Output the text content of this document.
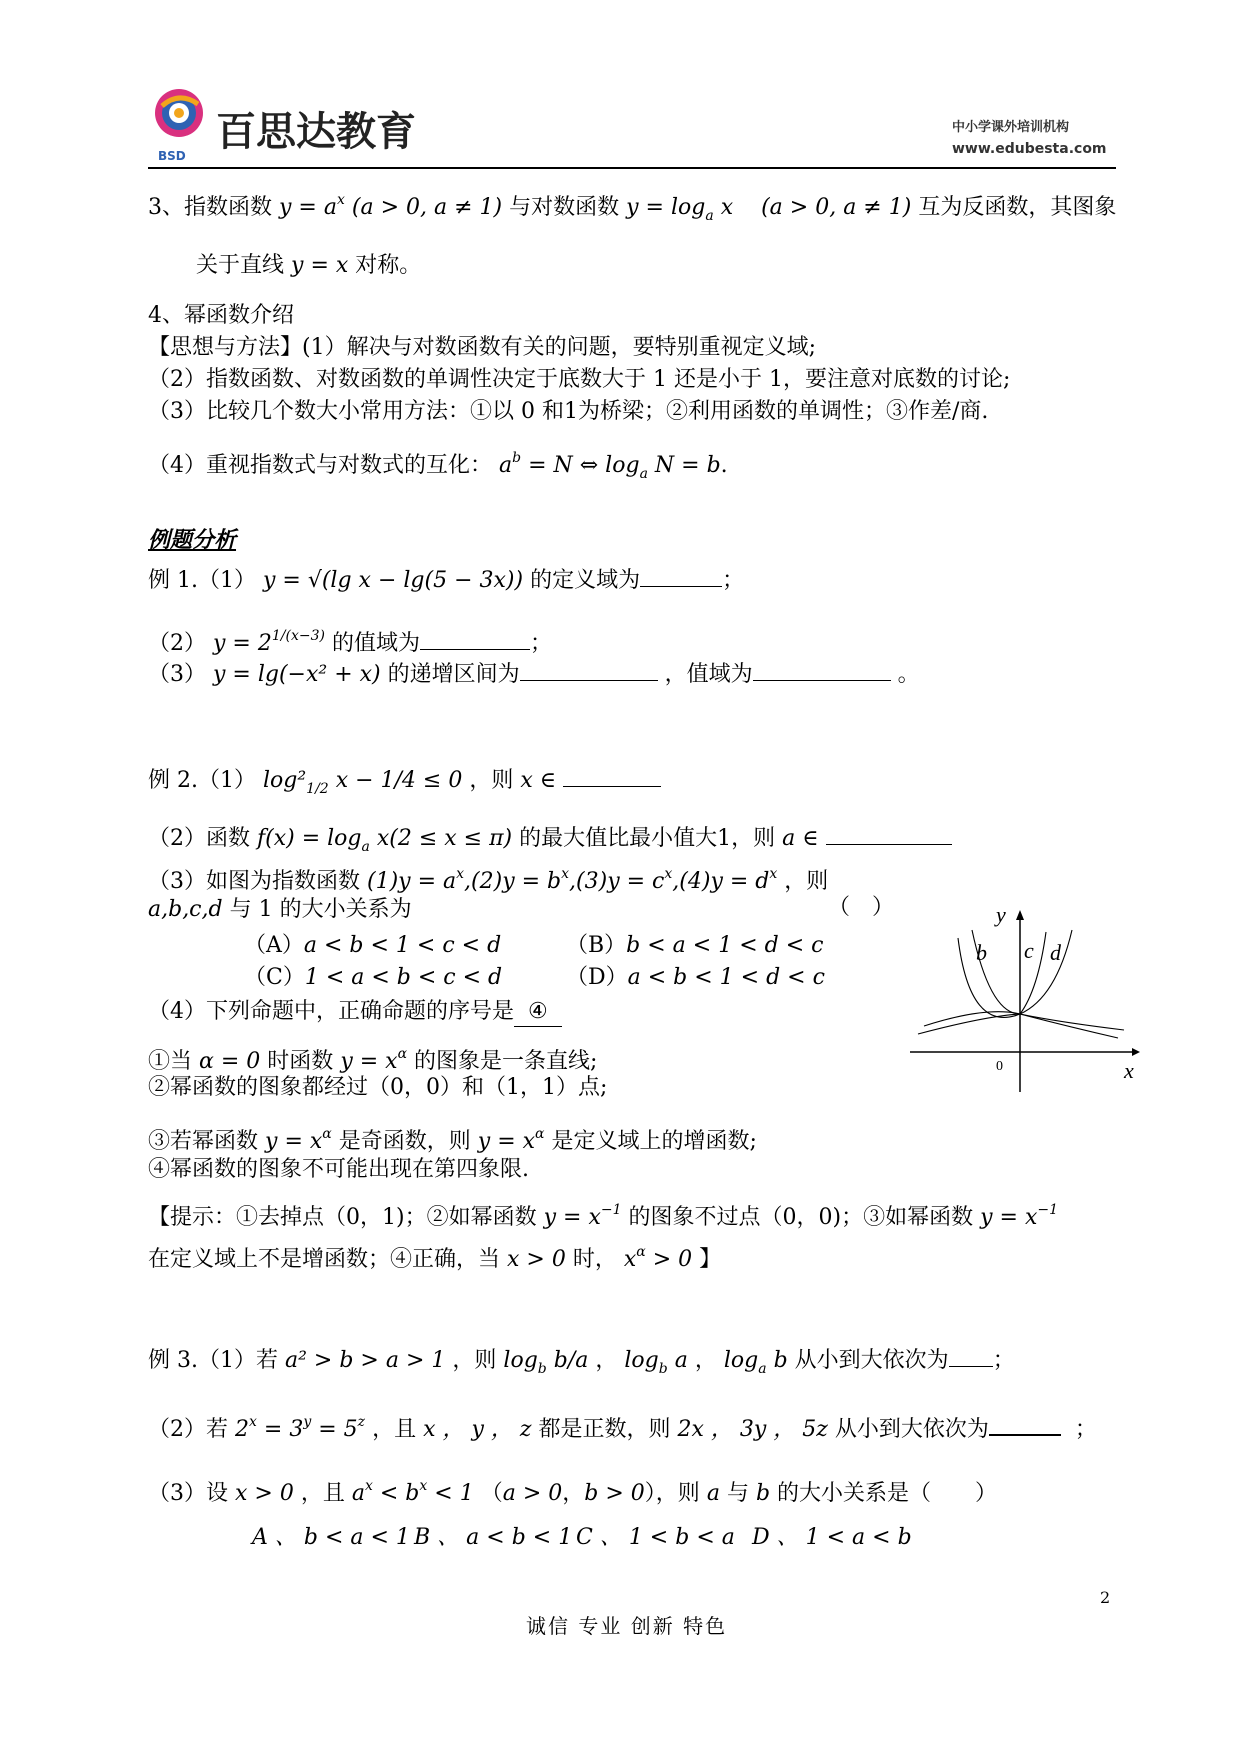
BSD
百思达教育	中小学课外培训机构
www.edubesta.com
3、指数函数 $y = a^x$ (a > 0, a ≠ 1) 与对数函数 $y = \log_a x$ (a > 0, a ≠ 1) 互为反函数，其图象
关于直线 y = x 对称。
4、幂函数介绍
【思想与方法】(1）解决与对数函数有关的问题，要特别重视定义域;
（2）指数函数、对数函数的单调性决定于底数大于 1 还是小于 1，要注意对底数的讨论;
（3）比较几个数大小常用方法：①以 0 和1为桥梁；②利用函数的单调性；③作差/商.
（4）重视指数式与对数式的互化： $a^b = N$ ⇔ $\log_a N = b$.
例题分析
例 1.（1） y = √(lg x − lg(5 − 3x)) 的定义域为	；
（2） $y = 2^{1/(x-3)}$ 的值域为	；
（3） y = lg(−x² + x) 的递增区间为	，值域为	。
例 2.（1） $\log^2_{1/2}$ x − 1/4 ≤ 0 ，则 x ∈
（2）函数 $f(x) = \log_a x(2 \le x \le \pi)$ 的最大值比最小值大1，则 a ∈
（3）如图为指数函数 $(1)y = a^x,(2)y = b^x,(3)y = c^x,(4)y = d^x$ ，则
a,b,c,d 与 1 的大小关系为	（　）
（A）a < b < 1 < c < d	（B）b < a < 1 < d < c
（C）1 < a < b < c < d	（D）a < b < 1 < d < c
（4）下列命题中，正确命题的序号是 ④
①当 α = 0 时函数 $y = x^\alpha$ 的图象是一条直线;
②幂函数的图象都经过（0，0）和（1，1）点;
③若幂函数 $y = x^\alpha$ 是奇函数，则 $y = x^\alpha$ 是定义域上的增函数;
④幂函数的图象不可能出现在第四象限.
【提示：①去掉点（0，1)；②如幂函数 $y = x^{-1}$ 的图象不过点（0，0)；③如幂函数 $y = x^{-1}$
在定义域上不是增函数；④正确，当 x > 0 时， $x^\alpha > 0$ 】
y
x
0
b c d
例 3.（1）若 a² > b > a > 1 ，则 $\log_b b/a$ ， $\log_b a$ ， $\log_a b$ 从小到大依次为 ；
（2）若 $2^x = 3^y = 5^z$ ，且 x ， y ， z 都是正数，则 2x ， 3y ， 5z 从小到大依次为	；
（3）设 x > 0 ，且 $a^x < b^x < 1$ （a > 0，b > 0），则 a 与 b 的大小关系是（　　）
A 、 b < a < 1 B 、 a < b < 1 C 、 1 < b < a D 、 1 < a < b
2
诚信 专业 创新 特色
